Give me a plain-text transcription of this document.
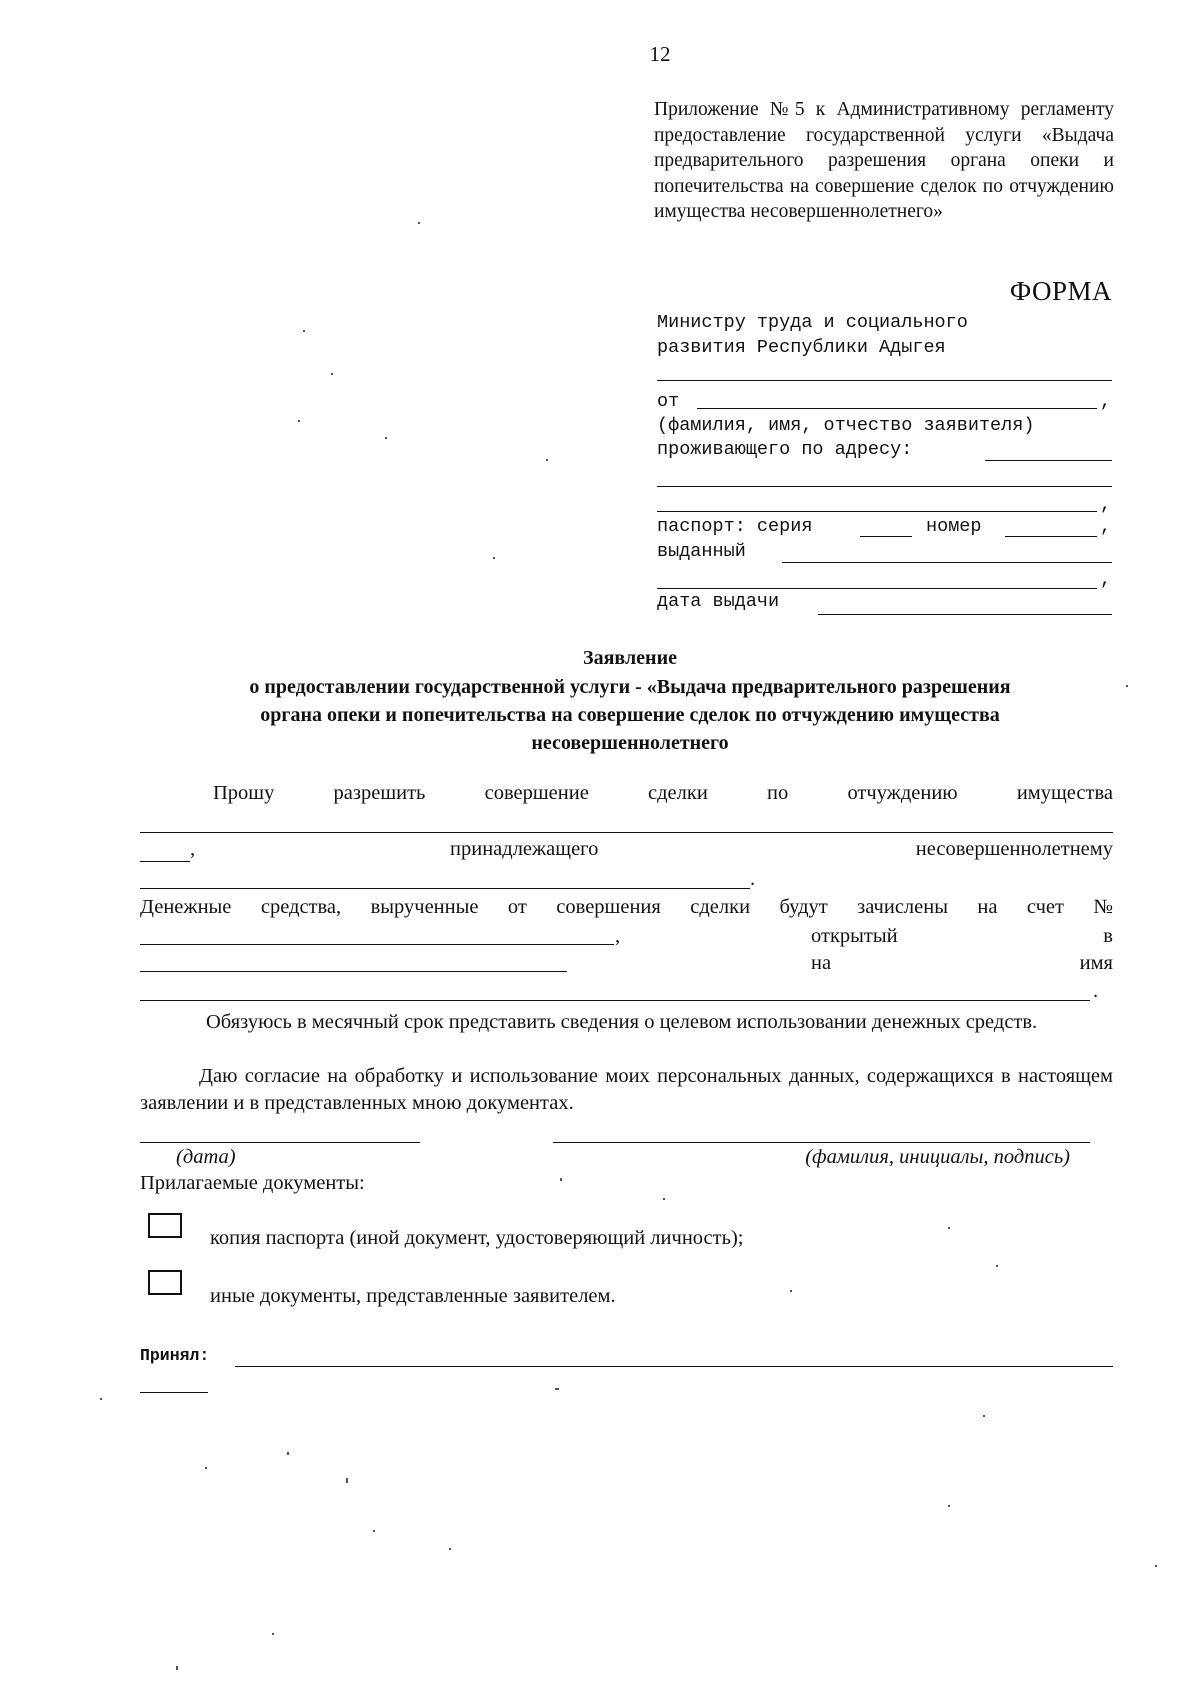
12
Приложение №5 к Административному регламенту предоставление государственной услуги «Выдача предварительного разрешения органа опеки и попечительства на совершение сделок по отчуждению имущества несовершеннолетнего»
ФОРМА
Министру труда и социального
развития Республики Адыгея
от	,
(фамилия, имя, отчество заявителя)
проживающего по адресу:
,
паспорт: серия	номер	,
выданный
,
дата выдачи
Заявление
о предоставлении государственной услуги - «Выдача предварительного разрешения
органа опеки и попечительства на совершение сделок по отчуждению имущества
несовершеннолетнего
Прошу разрешить совершение сделки по отчуждению имущества
,	принадлежащего несовершеннолетнему
.
Денежные средства, вырученные от совершения сделки будут зачислены на счет №
,	открытый в
на имя
.
Обязуюсь в месячный срок представить сведения о целевом использовании денежных средств.
Даю согласие на обработку и использование моих персональных данных, содержащихся в настоящем заявлении и в представленных мною документах.
(дата)	(фамилия, инициалы, подпись)
Прилагаемые документы:
копия паспорта (иной документ, удостоверяющий личность);
иные документы, представленные заявителем.
Принял:
